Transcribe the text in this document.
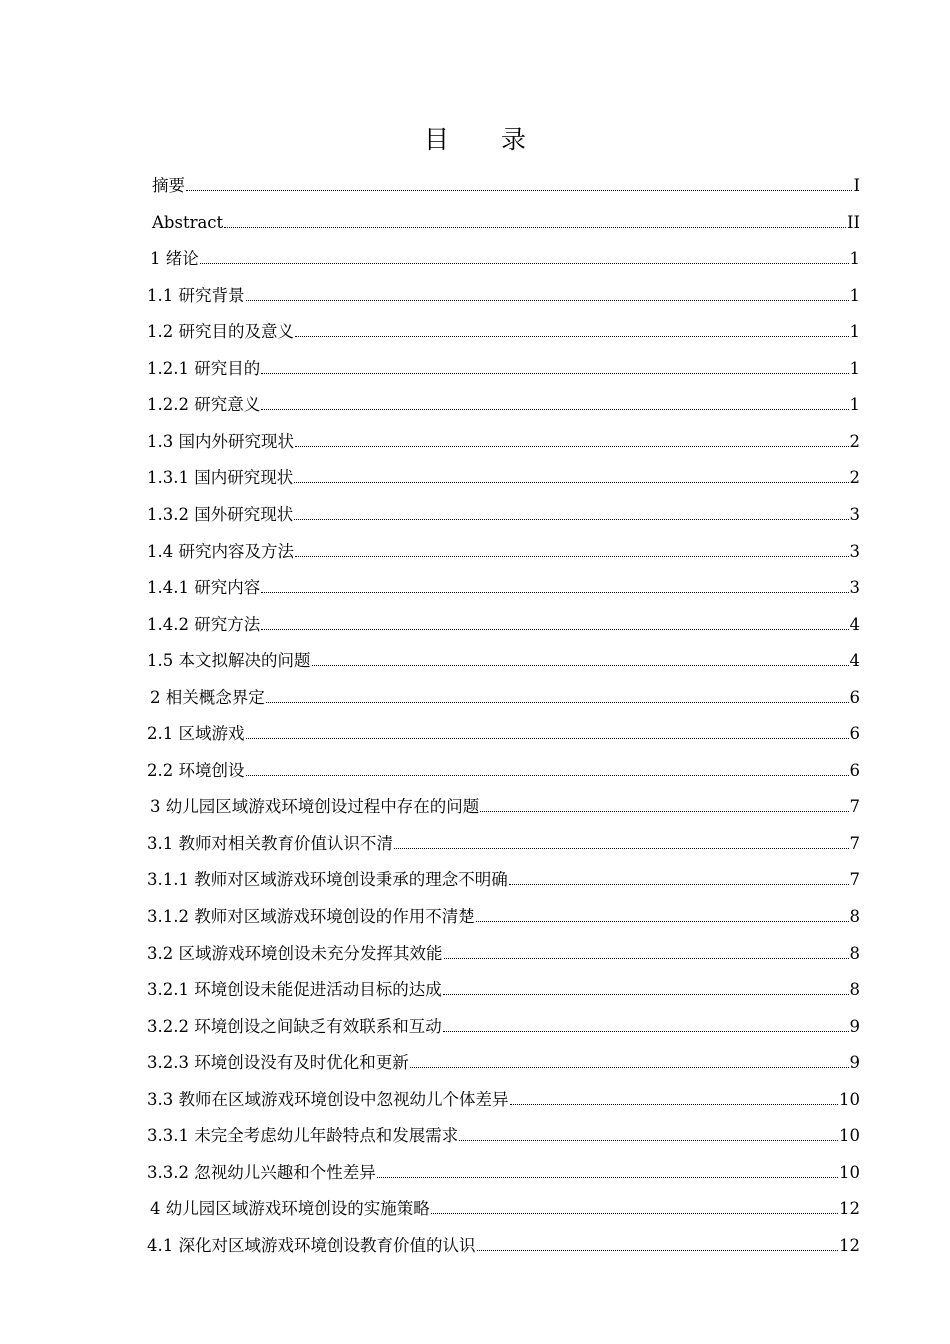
目 录
摘要	I
Abstract	II
1 绪论	1
1.1 研究背景	1
1.2 研究目的及意义	1
1.2.1 研究目的	1
1.2.2 研究意义	1
1.3 国内外研究现状	2
1.3.1 国内研究现状	2
1.3.2 国外研究现状	3
1.4 研究内容及方法	3
1.4.1 研究内容	3
1.4.2 研究方法	4
1.5 本文拟解决的问题	4
2 相关概念界定	6
2.1 区域游戏	6
2.2 环境创设	6
3 幼儿园区域游戏环境创设过程中存在的问题	7
3.1 教师对相关教育价值认识不清	7
3.1.1 教师对区域游戏环境创设秉承的理念不明确	7
3.1.2 教师对区域游戏环境创设的作用不清楚	8
3.2 区域游戏环境创设未充分发挥其效能	8
3.2.1 环境创设未能促进活动目标的达成	8
3.2.2 环境创设之间缺乏有效联系和互动	9
3.2.3 环境创设没有及时优化和更新	9
3.3 教师在区域游戏环境创设中忽视幼儿个体差异	10
3.3.1 未完全考虑幼儿年龄特点和发展需求	10
3.3.2 忽视幼儿兴趣和个性差异	10
4 幼儿园区域游戏环境创设的实施策略	12
4.1 深化对区域游戏环境创设教育价值的认识	12
